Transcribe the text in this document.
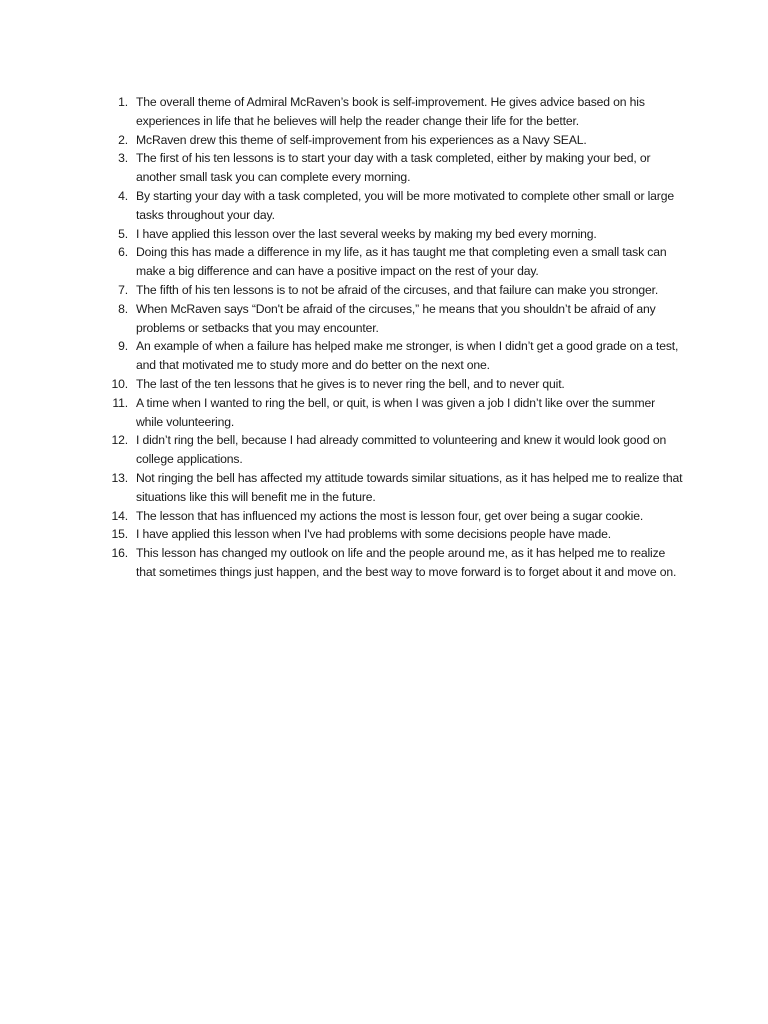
1. The overall theme of Admiral McRaven’s book is self-improvement. He gives advice based on his experiences in life that he believes will help the reader change their life for the better.
2. McRaven drew this theme of self-improvement from his experiences as a Navy SEAL.
3. The first of his ten lessons is to start your day with a task completed, either by making your bed, or another small task you can complete every morning.
4. By starting your day with a task completed, you will be more motivated to complete other small or large tasks throughout your day.
5. I have applied this lesson over the last several weeks by making my bed every morning.
6. Doing this has made a difference in my life, as it has taught me that completing even a small task can make a big difference and can have a positive impact on the rest of your day.
7. The fifth of his ten lessons is to not be afraid of the circuses, and that failure can make you stronger.
8. When McRaven says “Don't be afraid of the circuses,” he means that you shouldn’t be afraid of any problems or setbacks that you may encounter.
9. An example of when a failure has helped make me stronger, is when I didn’t get a good grade on a test, and that motivated me to study more and do better on the next one.
10. The last of the ten lessons that he gives is to never ring the bell, and to never quit.
11. A time when I wanted to ring the bell, or quit, is when I was given a job I didn’t like over the summer while volunteering.
12. I didn’t ring the bell, because I had already committed to volunteering and knew it would look good on college applications.
13. Not ringing the bell has affected my attitude towards similar situations, as it has helped me to realize that situations like this will benefit me in the future.
14. The lesson that has influenced my actions the most is lesson four, get over being a sugar cookie.
15. I have applied this lesson when I've had problems with some decisions people have made.
16. This lesson has changed my outlook on life and the people around me, as it has helped me to realize that sometimes things just happen, and the best way to move forward is to forget about it and move on.
